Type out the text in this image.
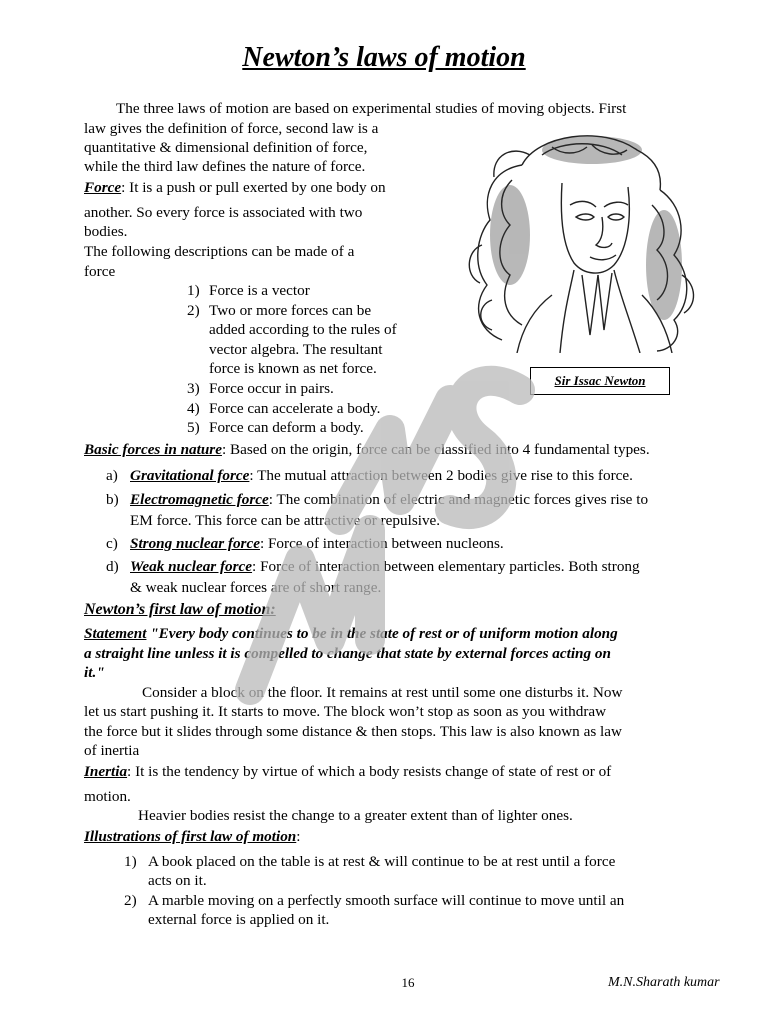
Newton’s laws of motion
The three laws of motion are based on experimental studies of moving objects. First
law gives the definition of force, second law is a
quantitative & dimensional definition of force,
while the third law defines the nature of force.
Force: It is a push or pull exerted by one body on
another. So every force is associated with two
bodies.
The following descriptions can be made of a
force
1) Force is a vector
2) Two or more forces can be
added according to the rules of
vector algebra. The resultant
force is known as net force.
3) Force occur in pairs.
4) Force can accelerate a body.
5) Force can deform a body.
Sir Issac Newton
Basic forces in nature: Based on the origin, force can be classified into 4 fundamental types.
a) Gravitational force: The mutual attraction between 2 bodies give rise to this force.
b) Electromagnetic force: The combination of electric and magnetic forces gives rise to
EM force. This force can be attractive or repulsive.
c) Strong nuclear force: Force of interaction between nucleons.
d) Weak nuclear force: Force of interaction between elementary particles. Both strong
& weak nuclear forces are of short range.
Newton’s first law of motion:
Statement "Every body continues to be in the state of rest or of uniform motion along
a straight line unless it is compelled to change that state by external forces acting on
it."
Consider a block on the floor. It remains at rest until some one disturbs it. Now
let us start pushing it. It starts to move. The block won’t stop as soon as you withdraw
the force but it slides through some distance & then stops. This law is also known as law
of inertia
Inertia: It is the tendency by virtue of which a body resists change of state of rest or of
motion.
Heavier bodies resist the change to a greater extent than of lighter ones.
Illustrations of first law of motion:
1) A book placed on the table is at rest & will continue to be at rest until a force
acts on it.
2) A marble moving on a perfectly smooth surface will continue to move until an
external force is applied on it.
16	M.N.Sharath kumar
